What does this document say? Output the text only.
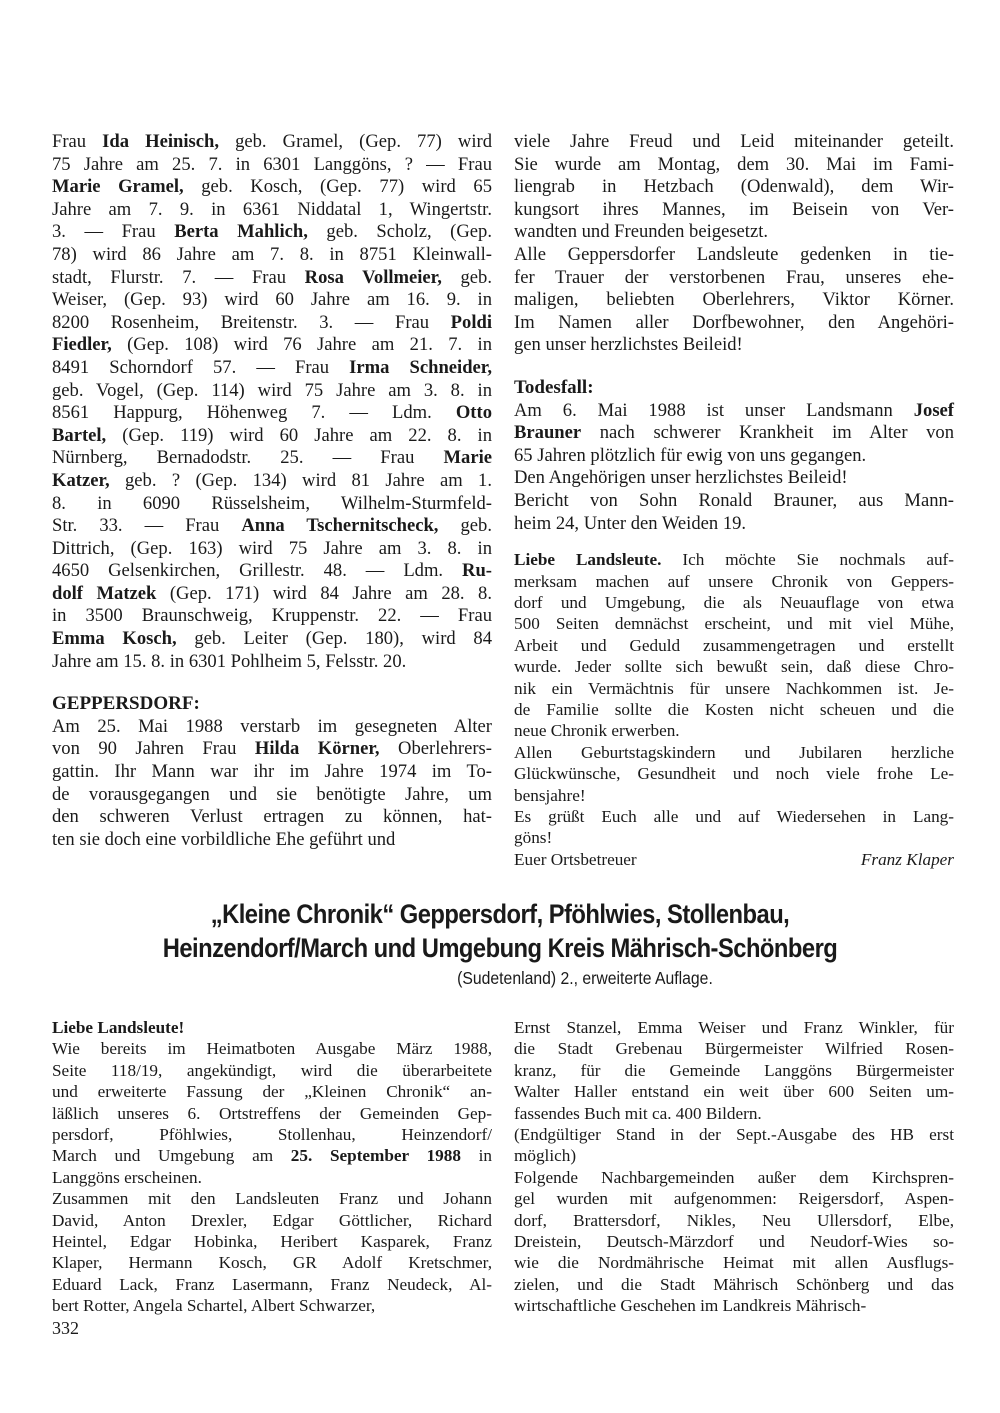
Frau Ida Heinisch, geb. Gramel, (Gep. 77) wird
75 Jahre am 25. 7. in 6301 Langgöns, ? — Frau
Marie Gramel, geb. Kosch, (Gep. 77) wird 65
Jahre am 7. 9. in 6361 Niddatal 1, Wingertstr.
3. — Frau Berta Mahlich, geb. Scholz, (Gep.
78) wird 86 Jahre am 7. 8. in 8751 Kleinwall-
stadt, Flurstr. 7. — Frau Rosa Vollmeier, geb.
Weiser, (Gep. 93) wird 60 Jahre am 16. 9. in
8200 Rosenheim, Breitenstr. 3. — Frau Poldi
Fiedler, (Gep. 108) wird 76 Jahre am 21. 7. in
8491 Schorndorf 57. — Frau Irma Schneider,
geb. Vogel, (Gep. 114) wird 75 Jahre am 3. 8. in
8561 Happurg, Höhenweg 7. — Ldm. Otto
Bartel, (Gep. 119) wird 60 Jahre am 22. 8. in
Nürnberg, Bernadodstr. 25. — Frau Marie
Katzer, geb. ? (Gep. 134) wird 81 Jahre am 1.
8. in 6090 Rüsselsheim, Wilhelm-Sturmfeld-
Str. 33. — Frau Anna Tschernitscheck, geb.
Dittrich, (Gep. 163) wird 75 Jahre am 3. 8. in
4650 Gelsenkirchen, Grillestr. 48. — Ldm. Ru-
dolf Matzek (Gep. 171) wird 84 Jahre am 28. 8.
in 3500 Braunschweig, Kruppenstr. 22. — Frau
Emma Kosch, geb. Leiter (Gep. 180), wird 84
Jahre am 15. 8. in 6301 Pohlheim 5, Felsstr. 20.
GEPPERSDORF:
Am 25. Mai 1988 verstarb im gesegneten Alter
von 90 Jahren Frau Hilda Körner, Oberlehrers-
gattin. Ihr Mann war ihr im Jahre 1974 im To-
de vorausgegangen und sie benötigte Jahre, um
den schweren Verlust ertragen zu können, hat-
ten sie doch eine vorbildliche Ehe geführt und
viele Jahre Freud und Leid miteinander geteilt.
Sie wurde am Montag, dem 30. Mai im Fami-
liengrab in Hetzbach (Odenwald), dem Wir-
kungsort ihres Mannes, im Beisein von Ver-
wandten und Freunden beigesetzt.
Alle Geppersdorfer Landsleute gedenken in tie-
fer Trauer der verstorbenen Frau, unseres ehe-
maligen, beliebten Oberlehrers, Viktor Körner.
Im Namen aller Dorfbewohner, den Angehöri-
gen unser herzlichstes Beileid!
Todesfall:
Am 6. Mai 1988 ist unser Landsmann Josef
Brauner nach schwerer Krankheit im Alter von
65 Jahren plötzlich für ewig von uns gegangen.
Den Angehörigen unser herzlichstes Beileid!
Bericht von Sohn Ronald Brauner, aus Mann-
heim 24, Unter den Weiden 19.
Liebe Landsleute. Ich möchte Sie nochmals auf-
merksam machen auf unsere Chronik von Geppers-
dorf und Umgebung, die als Neuauflage von etwa
500 Seiten demnächst erscheint, und mit viel Mühe,
Arbeit und Geduld zusammengetragen und erstellt
wurde. Jeder sollte sich bewußt sein, daß diese Chro-
nik ein Vermächtnis für unsere Nachkommen ist. Je-
de Familie sollte die Kosten nicht scheuen und die
neue Chronik erwerben.
Allen Geburtstagskindern und Jubilaren herzliche
Glückwünsche, Gesundheit und noch viele frohe Le-
bensjahre!
Es grüßt Euch alle und auf Wiedersehen in Lang-
göns!
Euer Ortsbetreuer	Franz Klaper
„Kleine Chronik“ Geppersdorf, Pföhlwies, Stollenbau,
Heinzendorf/March und Umgebung Kreis Mährisch-Schönberg
(Sudetenland) 2., erweiterte Auflage.
Liebe Landsleute!
Wie bereits im Heimatboten Ausgabe März 1988,
Seite 118/19, angekündigt, wird die überarbeitete
und erweiterte Fassung der „Kleinen Chronik“ an-
läßlich unseres 6. Ortstreffens der Gemeinden Gep-
persdorf, Pföhlwies, Stollenhau, Heinzendorf/
March und Umgebung am 25. September 1988 in
Langgöns erscheinen.
Zusammen mit den Landsleuten Franz und Johann
David, Anton Drexler, Edgar Göttlicher, Richard
Heintel, Edgar Hobinka, Heribert Kasparek, Franz
Klaper, Hermann Kosch, GR Adolf Kretschmer,
Eduard Lack, Franz Lasermann, Franz Neudeck, Al-
bert Rotter, Angela Schartel, Albert Schwarzer,
Ernst Stanzel, Emma Weiser und Franz Winkler, für
die Stadt Grebenau Bürgermeister Wilfried Rosen-
kranz, für die Gemeinde Langgöns Bürgermeister
Walter Haller entstand ein weit über 600 Seiten um-
fassendes Buch mit ca. 400 Bildern.
(Endgültiger Stand in der Sept.-Ausgabe des HB erst
möglich)
Folgende Nachbargemeinden außer dem Kirchspren-
gel wurden mit aufgenommen: Reigersdorf, Aspen-
dorf, Brattersdorf, Nikles, Neu Ullersdorf, Elbe,
Dreistein, Deutsch-Märzdorf und Neudorf-Wies so-
wie die Nordmährische Heimat mit allen Ausflugs-
zielen, und die Stadt Mährisch Schönberg und das
wirtschaftliche Geschehen im Landkreis Mährisch-
332
